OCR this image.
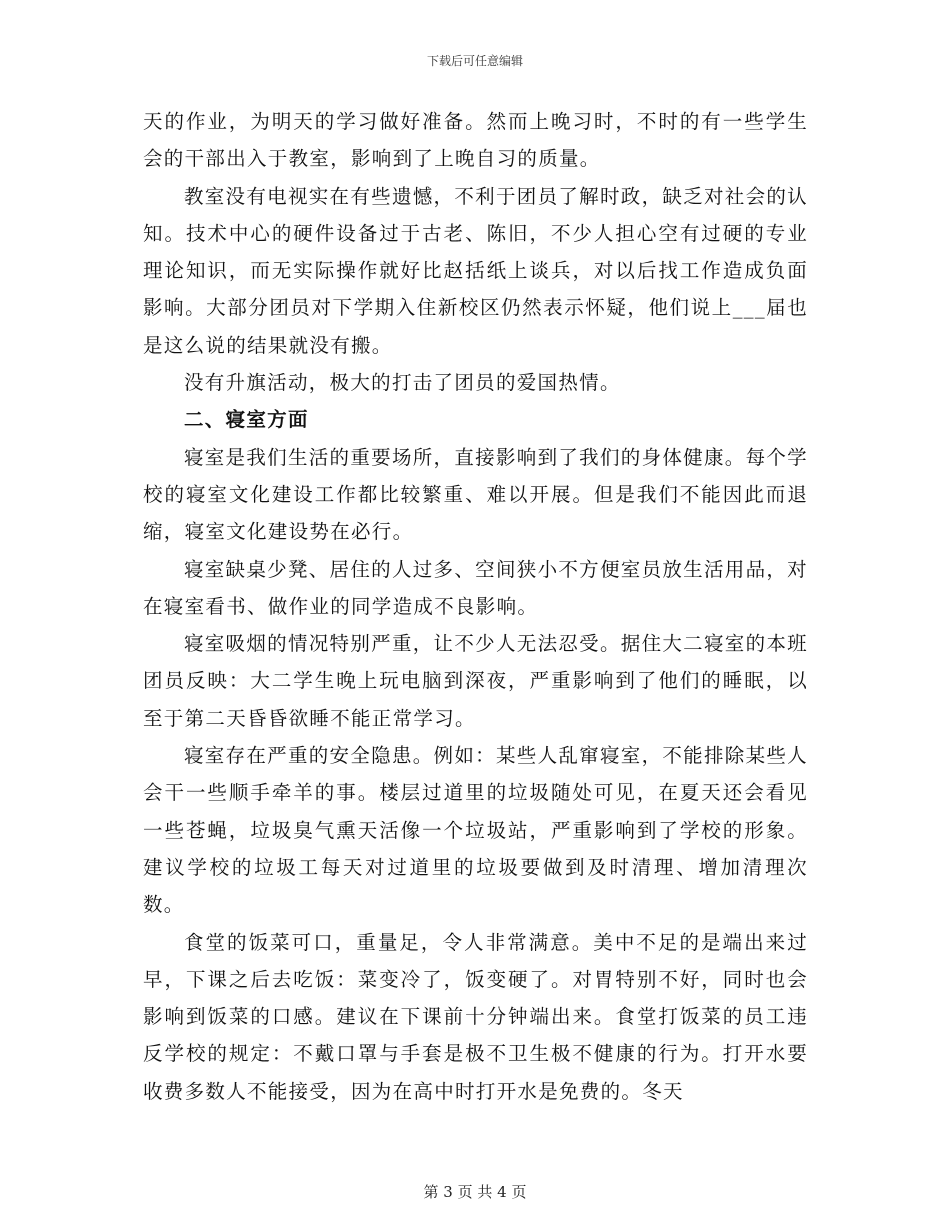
下载后可任意编辑

天的作业，为明天的学习做好准备。然而上晚习时，不时的有一些学生会的干部出入于教室，影响到了上晚自习的质量。

教室没有电视实在有些遗憾，不利于团员了解时政，缺乏对社会的认知。技术中心的硬件设备过于古老、陈旧，不少人担心空有过硬的专业理论知识，而无实际操作就好比赵括纸上谈兵，对以后找工作造成负面影响。大部分团员对下学期入住新校区仍然表示怀疑，他们说上___届也是这么说的结果就没有搬。

没有升旗活动，极大的打击了团员的爱国热情。

二、寝室方面

寝室是我们生活的重要场所，直接影响到了我们的身体健康。每个学校的寝室文化建设工作都比较繁重、难以开展。但是我们不能因此而退缩，寝室文化建设势在必行。

寝室缺桌少凳、居住的人过多、空间狭小不方便室员放生活用品，对在寝室看书、做作业的同学造成不良影响。

寝室吸烟的情况特别严重，让不少人无法忍受。据住大二寝室的本班团员反映：大二学生晚上玩电脑到深夜，严重影响到了他们的睡眠，以至于第二天昏昏欲睡不能正常学习。

寝室存在严重的安全隐患。例如：某些人乱窜寝室，不能排除某些人会干一些顺手牵羊的事。楼层过道里的垃圾随处可见，在夏天还会看见一些苍蝇，垃圾臭气熏天活像一个垃圾站，严重影响到了学校的形象。建议学校的垃圾工每天对过道里的垃圾要做到及时清理、增加清理次数。

食堂的饭菜可口，重量足，令人非常满意。美中不足的是端出来过早，下课之后去吃饭：菜变冷了，饭变硬了。对胃特别不好，同时也会影响到饭菜的口感。建议在下课前十分钟端出来。食堂打饭菜的员工违反学校的规定：不戴口罩与手套是极不卫生极不健康的行为。打开水要收费多数人不能接受，因为在高中时打开水是免费的。冬天

第 3 页 共 4 页
